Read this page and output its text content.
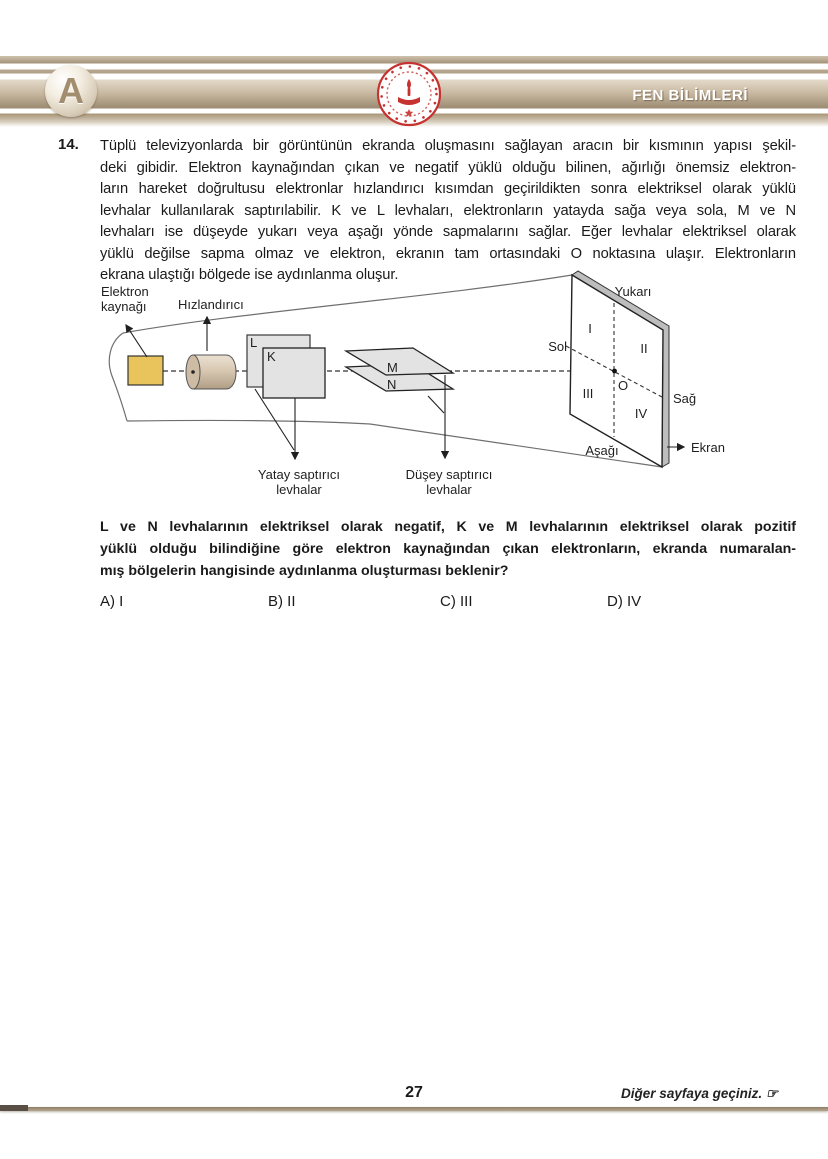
A	FEN BİLİMLERİ
14. Tüplü televizyonlarda bir görüntünün ekranda oluşmasını sağlayan aracın bir kısmının yapısı şekil-
deki gibidir. Elektron kaynağından çıkan ve negatif yüklü olduğu bilinen, ağırlığı önemsiz elektron-
ların hareket doğrultusu elektronlar hızlandırıcı kısımdan geçirildikten sonra elektriksel olarak yüklü
levhalar kullanılarak saptırılabilir. K ve L levhaları, elektronların yatayda sağa veya sola, M ve N
levhaları ise düşeyde yukarı veya aşağı yönde sapmalarını sağlar. Eğer levhalar elektriksel olarak
yüklü değilse sapma olmaz ve elektron, ekranın tam ortasındaki O noktasına ulaşır. Elektronların
ekrana ulaştığı bölgede ise aydınlanma oluşur.
Elektron
kaynağı Hızlandırıcı
L
K
Yatay saptırıcı
levhalar
M
N
Düşey saptırıcı
levhalar
O
I
II
III
IV
Yukarı
Sol
Sağ
Aşağı	Ekran
L ve N levhalarının elektriksel olarak negatif, K ve M levhalarının elektriksel olarak pozitif
yüklü olduğu bilindiğine göre elektron kaynağından çıkan elektronların, ekranda numaralan-
mış bölgelerin hangisinde aydınlanma oluşturması beklenir?
A) I	B) II	C) III	D) IV
27	Diğer sayfaya geçiniz. ☞
